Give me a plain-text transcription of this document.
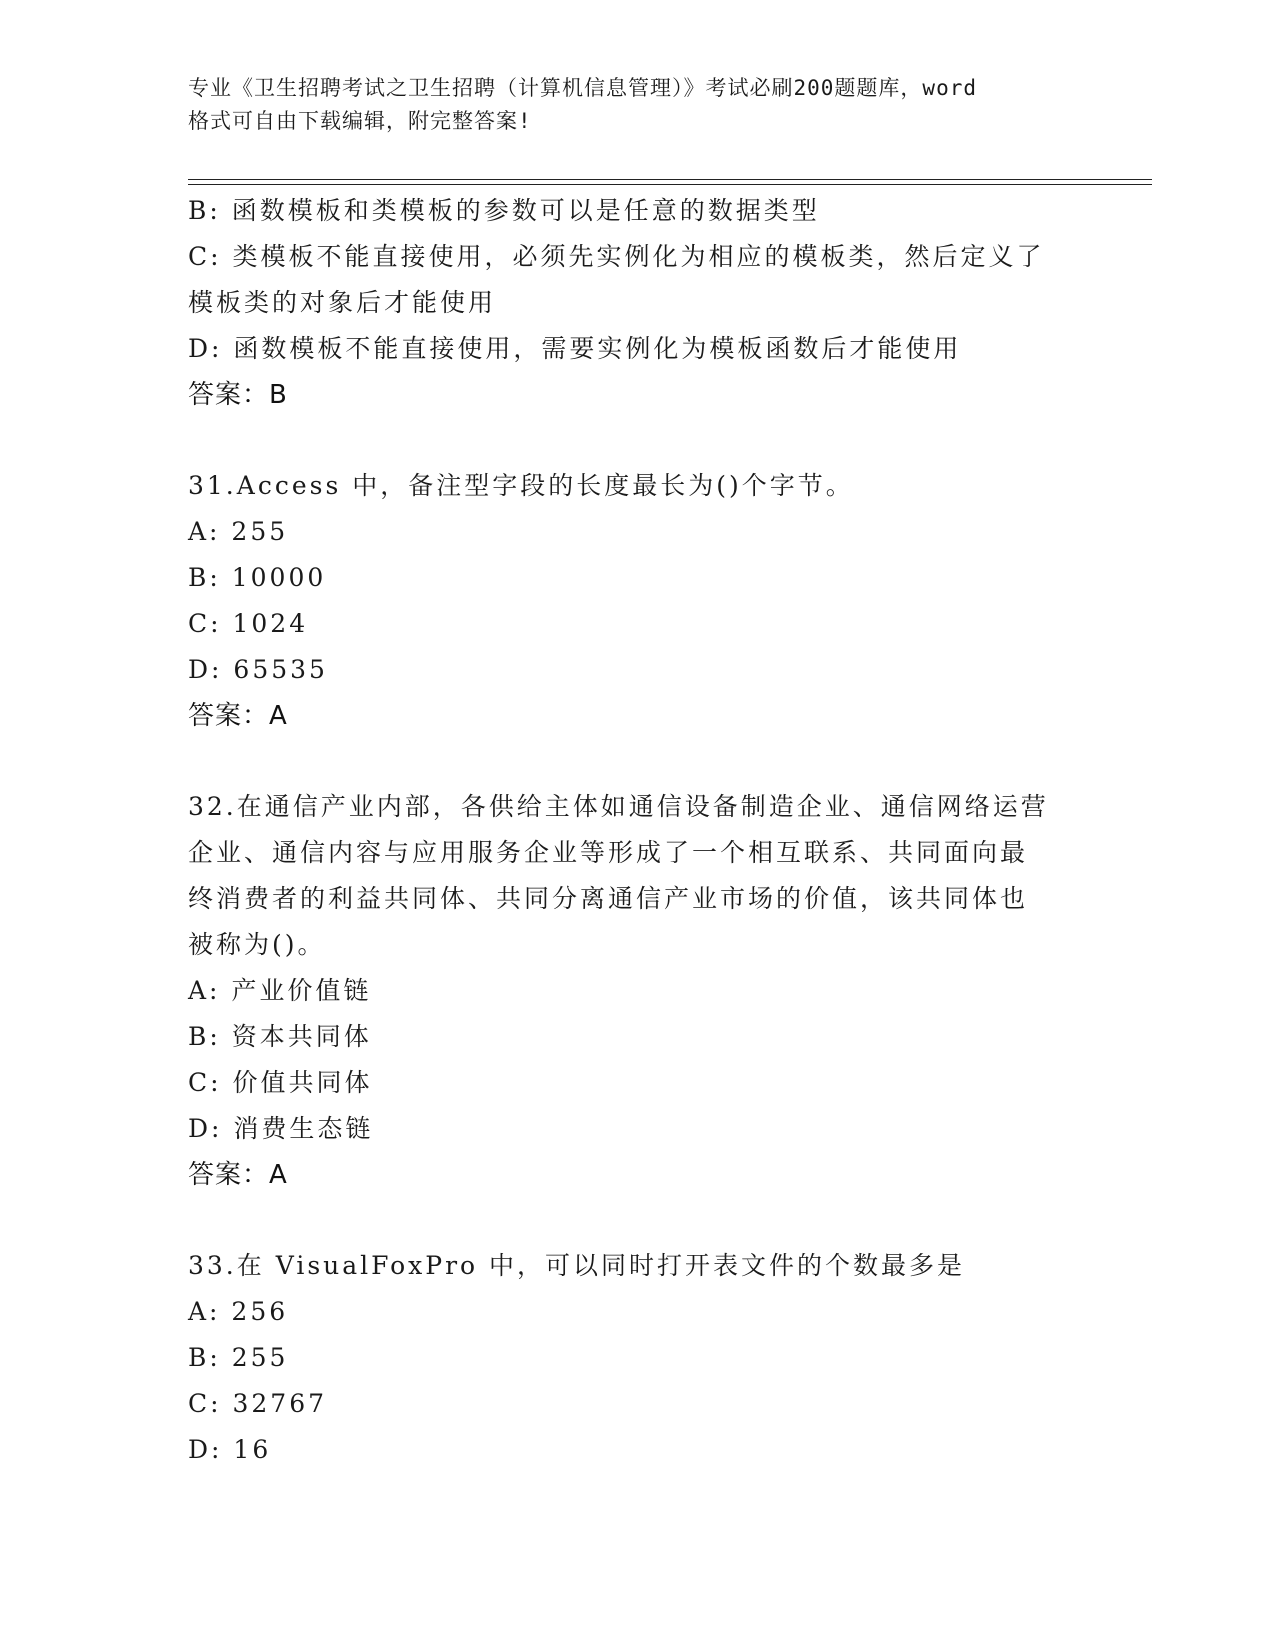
专业《卫生招聘考试之卫生招聘（计算机信息管理）》考试必刷200题题库，word
格式可自由下载编辑，附完整答案!
B: 函数模板和类模板的参数可以是任意的数据类型
C: 类模板不能直接使用，必须先实例化为相应的模板类，然后定义了
模板类的对象后才能使用
D: 函数模板不能直接使用，需要实例化为模板函数后才能使用
答案：B
31.Access 中，备注型字段的长度最长为()个字节。
A: 255
B: 10000
C: 1024
D: 65535
答案：A
32.在通信产业内部，各供给主体如通信设备制造企业、通信网络运营
企业、通信内容与应用服务企业等形成了一个相互联系、共同面向最
终消费者的利益共同体、共同分离通信产业市场的价值，该共同体也
被称为()。
A: 产业价值链
B: 资本共同体
C: 价值共同体
D: 消费生态链
答案：A
33.在 VisualFoxPro 中，可以同时打开表文件的个数最多是
A: 256
B: 255
C: 32767
D: 16
